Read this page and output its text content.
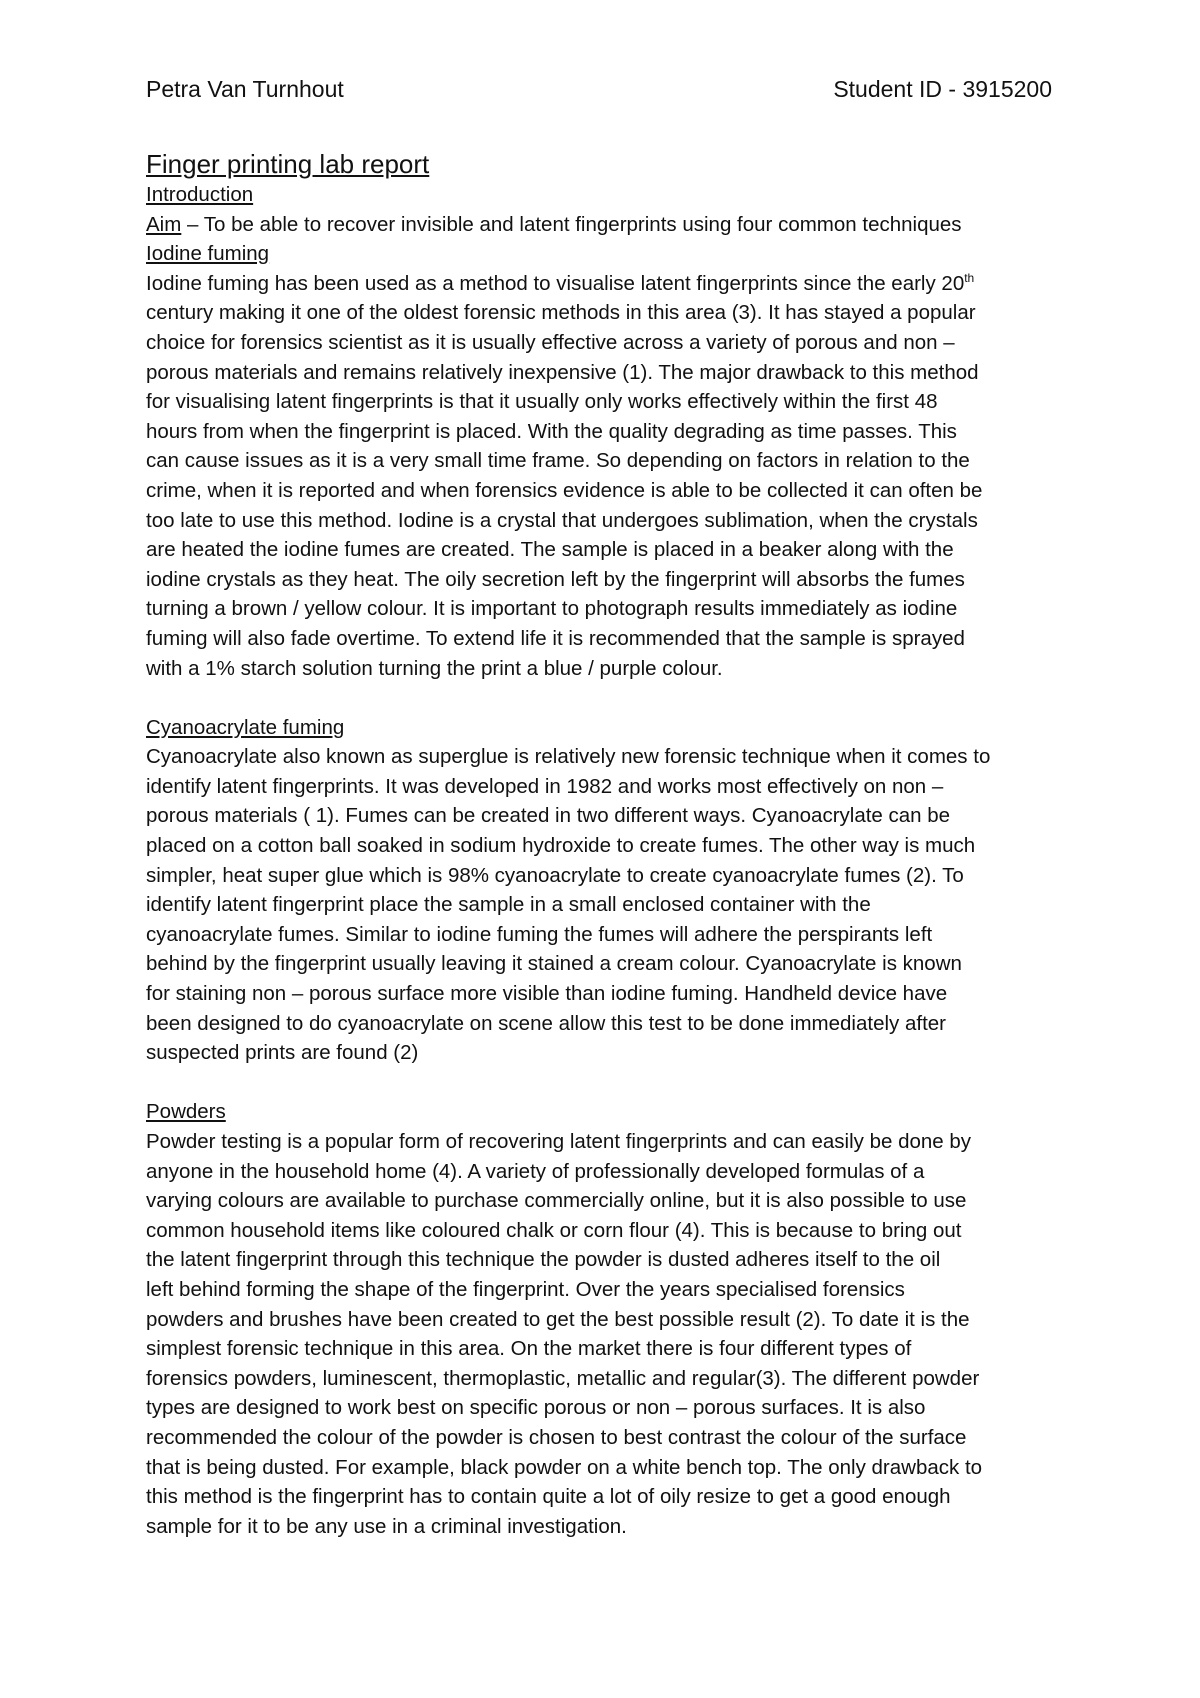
Petra Van Turnhout	Student ID - 3915200
Finger printing lab report

Introduction

Aim – To be able to recover invisible and latent fingerprints using four common techniques

Iodine fuming

Iodine fuming has been used as a method to visualise latent fingerprints since the early 20th

century making it one of the oldest forensic methods in this area (3). It has stayed a popular

choice for forensics scientist as it is usually effective across a variety of porous and non –

porous materials and remains relatively inexpensive (1). The major drawback to this method

for visualising latent fingerprints is that it usually only works effectively within the first 48

hours from when the fingerprint is placed. With the quality degrading as time passes. This

can cause issues as it is a very small time frame. So depending on factors in relation to the

crime, when it is reported and when forensics evidence is able to be collected it can often be

too late to use this method. Iodine is a crystal that undergoes sublimation, when the crystals

are heated the iodine fumes are created. The sample is placed in a beaker along with the

iodine crystals as they heat. The oily secretion left by the fingerprint will absorbs the fumes

turning a brown / yellow colour. It is important to photograph results immediately as iodine

fuming will also fade overtime. To extend life it is recommended that the sample is sprayed

with a 1% starch solution turning the print a blue / purple colour.

Cyanoacrylate fuming

Cyanoacrylate also known as superglue is relatively new forensic technique when it comes to

identify latent fingerprints. It was developed in 1982 and works most effectively on non –

porous materials ( 1). Fumes can be created in two different ways. Cyanoacrylate can be

placed on a cotton ball soaked in sodium hydroxide to create fumes. The other way is much

simpler, heat super glue which is 98% cyanoacrylate to create cyanoacrylate fumes (2). To

identify latent fingerprint place the sample in a small enclosed container with the

cyanoacrylate fumes. Similar to iodine fuming the fumes will adhere the perspirants left

behind by the fingerprint usually leaving it stained a cream colour. Cyanoacrylate is known

for staining non – porous surface more visible than iodine fuming. Handheld device have

been designed to do cyanoacrylate on scene allow this test to be done immediately after

suspected prints are found (2)

Powders

Powder testing is a popular form of recovering latent fingerprints and can easily be done by

anyone in the household home (4). A variety of professionally developed formulas of a

varying colours are available to purchase commercially online, but it is also possible to use

common household items like coloured chalk or corn flour (4). This is because to bring out

the latent fingerprint through this technique the powder is dusted adheres itself to the oil

left behind forming the shape of the fingerprint. Over the years specialised forensics

powders and brushes have been created to get the best possible result (2). To date it is the

simplest forensic technique in this area. On the market there is four different types of

forensics powders, luminescent, thermoplastic, metallic and regular(3). The different powder

types are designed to work best on specific porous or non – porous surfaces. It is also

recommended the colour of the powder is chosen to best contrast the colour of the surface

that is being dusted. For example, black powder on a white bench top. The only drawback to

this method is the fingerprint has to contain quite a lot of oily resize to get a good enough

sample for it to be any use in a criminal investigation.
